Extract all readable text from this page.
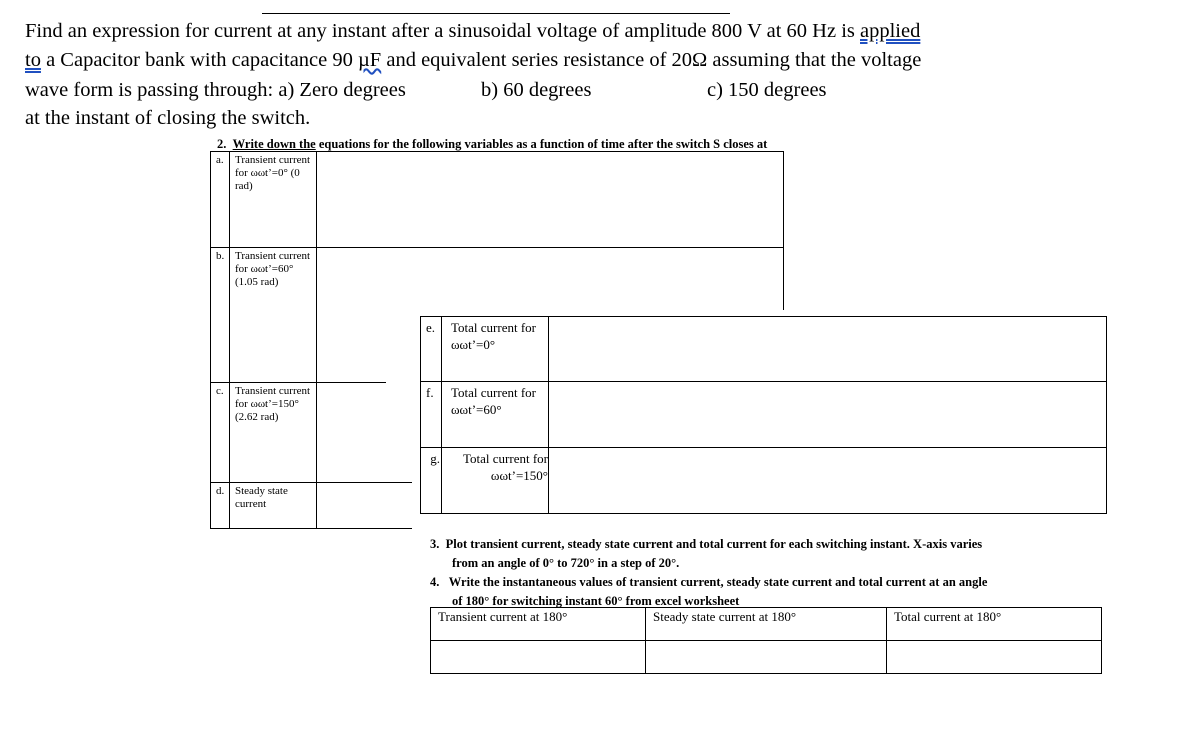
Find an expression for current at any instant after a sinusoidal voltage of amplitude 800 V at 60 Hz is applied
to a Capacitor bank with capacitance 90 µF and equivalent series resistance of 20Ω assuming that the voltage
wave form is passing through: a) Zero degrees	b) 60 degrees	c) 150 degrees
at the instant of closing the switch.
2. Write down the equations for the following variables as a function of time after the switch S closes at
a.	Transient current for ωωt’=0° (0 rad)
b. Transient current for ωωt’=60° (1.05 rad)
c.	Transient current for ωωt’=150°(2.62 rad)
d. Steady state current
e.	Total current for ωωt’=0°
f.	Total current for ωωt’=60°
g.	Total current for ωωt’=150°
3. Plot transient current, steady state current and total current for each switching instant. X-axis varies
from an angle of 0° to 720° in a step of 20°.
4. Write the instantaneous values of transient current, steady state current and total current at an angle
of 180° for switching instant 60° from excel worksheet
Transient current at 180°	Steady state current at 180°	Total current at 180°
